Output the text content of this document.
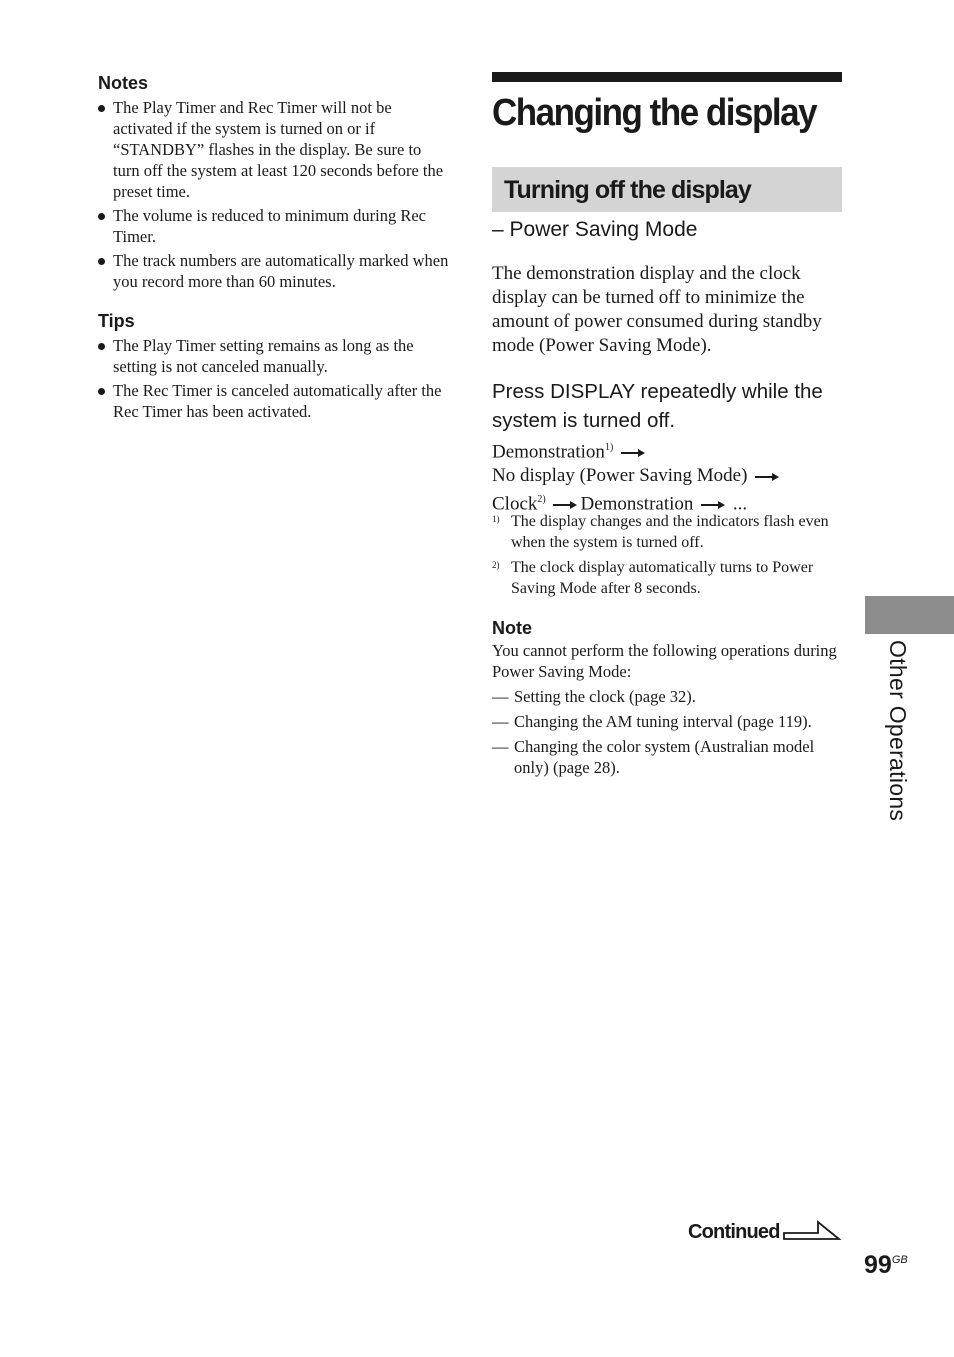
Notes
The Play Timer and Rec Timer will not be activated if the system is turned on or if “STANDBY” flashes in the display. Be sure to turn off the system at least 120 seconds before the preset time.
The volume is reduced to minimum during Rec Timer.
The track numbers are automatically marked when you record more than 60 minutes.
Tips
The Play Timer setting remains as long as the setting is not canceled manually.
The Rec Timer is canceled automatically after the Rec Timer has been activated.
Changing the display
Turning off the display
– Power Saving Mode
The demonstration display and the clock display can be turned off to minimize the amount of power consumed during standby mode (Power Saving Mode).
Press DISPLAY repeatedly while the system is turned off.
Demonstration$^{1)}$
No display (Power Saving Mode)
Clock$^{2)}$ Demonstration ...
1) The display changes and the indicators flash even when the system is turned off.
2) The clock display automatically turns to Power Saving Mode after 8 seconds.
Note
You cannot perform the following operations during Power Saving Mode:
— Setting the clock (page 32).
— Changing the AM tuning interval (page 119).
— Changing the color system (Australian model only) (page 28).	Other Operations
Continued
$99^{GB}$
